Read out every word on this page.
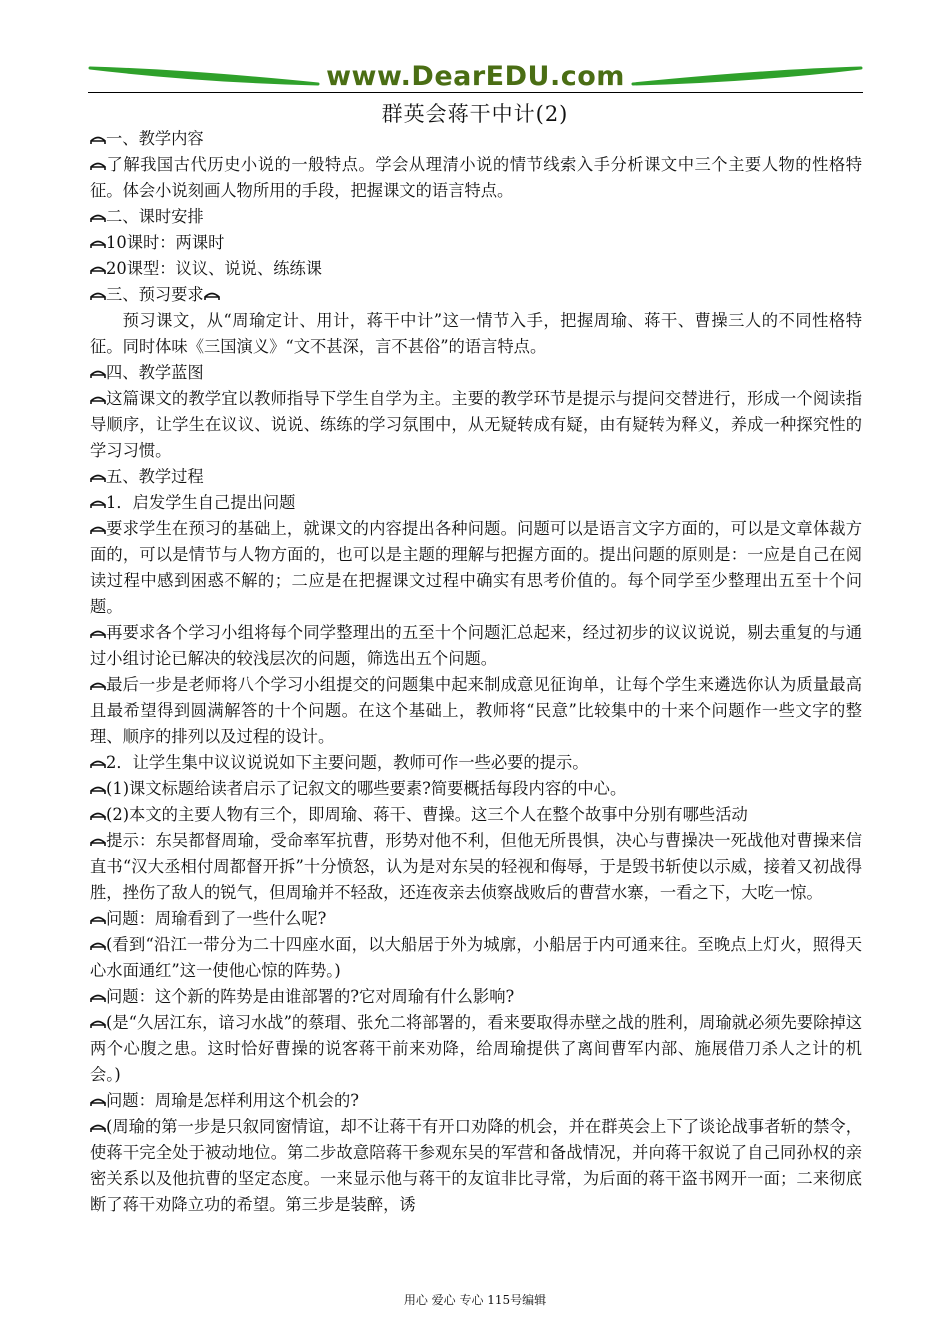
www.DearEDU.com
群英会蒋干中计(2)

一、教学内容

了解我国古代历史小说的一般特点。学会从理清小说的情节线索入手分析课文中三个主要人物的性格特征。体会小说刻画人物所用的手段，把握课文的语言特点。

二、课时安排

10课时：两课时

20课型：议议、说说、练练课

三、预习要求

预习课文，从“周瑜定计、用计，蒋干中计”这一情节入手，把握周瑜、蒋干、曹操三人的不同性格特征。同时体味《三国演义》“文不甚深，言不甚俗”的语言特点。

四、教学蓝图

这篇课文的教学宜以教师指导下学生自学为主。主要的教学环节是提示与提问交替进行，形成一个阅读指导顺序，让学生在议议、说说、练练的学习氛围中，从无疑转成有疑，由有疑转为释义，养成一种探究性的学习习惯。

五、教学过程

1．启发学生自己提出问题

要求学生在预习的基础上，就课文的内容提出各种问题。问题可以是语言文字方面的，可以是文章体裁方面的，可以是情节与人物方面的，也可以是主题的理解与把握方面的。提出问题的原则是：一应是自己在阅读过程中感到困惑不解的；二应是在把握课文过程中确实有思考价值的。每个同学至少整理出五至十个问题。

再要求各个学习小组将每个同学整理出的五至十个问题汇总起来，经过初步的议议说说，剔去重复的与通过小组讨论已解决的较浅层次的问题，筛选出五个问题。

最后一步是老师将八个学习小组提交的问题集中起来制成意见征询单，让每个学生来遴选你认为质量最高且最希望得到圆满解答的十个问题。在这个基础上，教师将“民意”比较集中的十来个问题作一些文字的整理、顺序的排列以及过程的设计。

2．让学生集中议议说说如下主要问题，教师可作一些必要的提示。

(1)课文标题给读者启示了记叙文的哪些要素?简要概括每段内容的中心。

(2)本文的主要人物有三个，即周瑜、蒋干、曹操。这三个人在整个故事中分别有哪些活动

提示：东吴都督周瑜，受命率军抗曹，形势对他不利，但他无所畏惧，决心与曹操决一死战他对曹操来信直书“汉大丞相付周都督开拆”十分愤怒，认为是对东吴的轻视和侮辱，于是毁书斩使以示威，接着又初战得胜，挫伤了敌人的锐气，但周瑜并不轻敌，还连夜亲去侦察战败后的曹营水寨，一看之下，大吃一惊。

问题：周瑜看到了一些什么呢?

(看到“沿江一带分为二十四座水面，以大船居于外为城廓，小船居于内可通来往。至晚点上灯火，照得天心水面通红”这一使他心惊的阵势。)

问题：这个新的阵势是由谁部署的?它对周瑜有什么影响?

(是“久居江东，谙习水战”的蔡瑁、张允二将部署的，看来要取得赤壁之战的胜利，周瑜就必须先要除掉这两个心腹之患。这时恰好曹操的说客蒋干前来劝降，给周瑜提供了离间曹军内部、施展借刀杀人之计的机会。)

问题：周瑜是怎样利用这个机会的?

(周瑜的第一步是只叙同窗情谊，却不让蒋干有开口劝降的机会，并在群英会上下了谈论战事者斩的禁令，使蒋干完全处于被动地位。第二步故意陪蒋干参观东吴的军营和备战情况，并向蒋干叙说了自己同孙权的亲密关系以及他抗曹的坚定态度。一来显示他与蒋干的友谊非比寻常，为后面的蒋干盗书网开一面；二来彻底断了蒋干劝降立功的希望。第三步是装醉，诱

用心 爱心 专心 115号编辑
